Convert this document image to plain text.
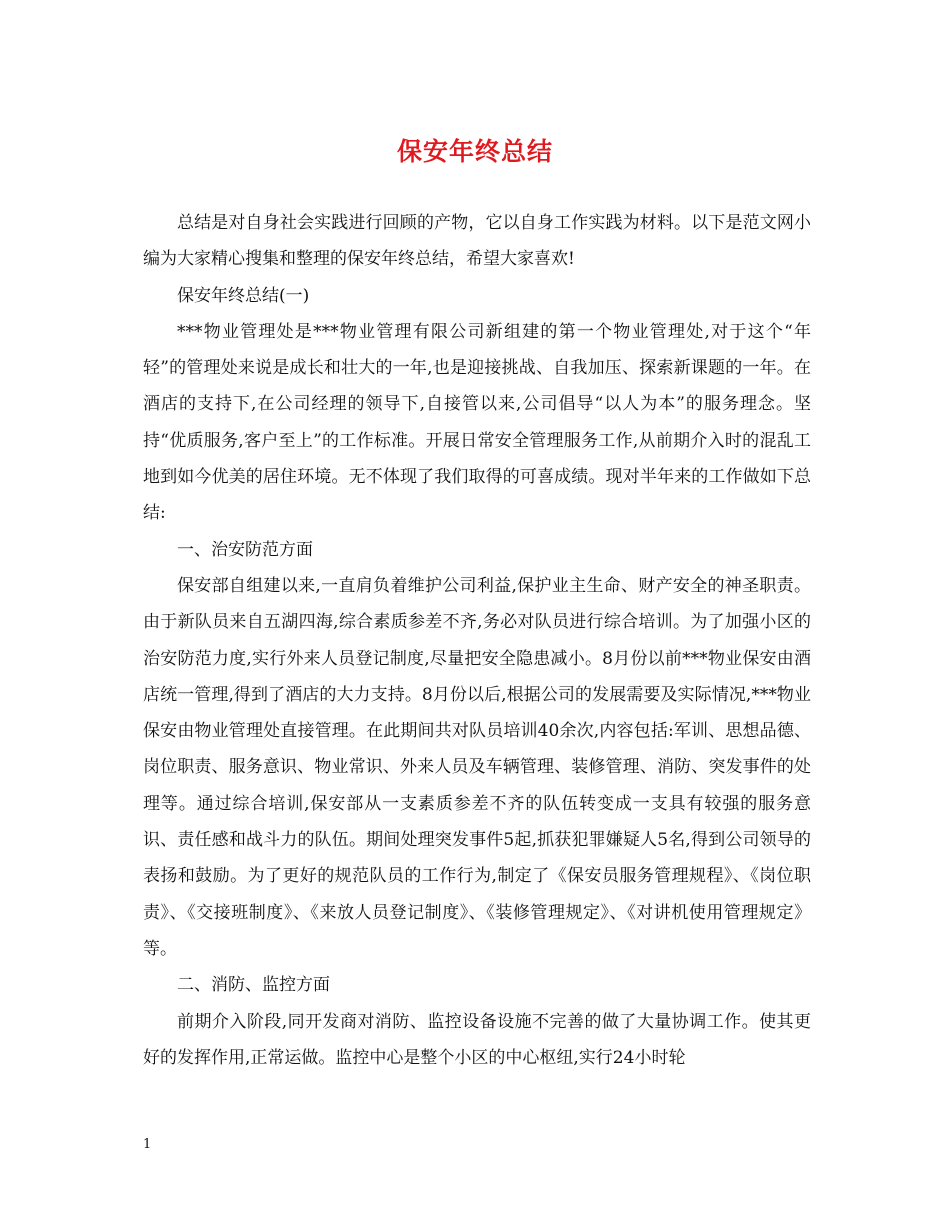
保安年终总结

总结是对自身社会实践进行回顾的产物，它以自身工作实践为材料。以下是范文网小编为大家精心搜集和整理的保安年终总结，希望大家喜欢!

保安年终总结(一)

***物业管理处是***物业管理有限公司新组建的第一个物业管理处,对于这个“年轻”的管理处来说是成长和壮大的一年,也是迎接挑战、自我加压、探索新课题的一年。在酒店的支持下,在公司经理的领导下,自接管以来,公司倡导“以人为本”的服务理念。坚持“优质服务,客户至上”的工作标准。开展日常安全管理服务工作,从前期介入时的混乱工地到如今优美的居住环境。无不体现了我们取得的可喜成绩。现对半年来的工作做如下总结:

一、治安防范方面

保安部自组建以来,一直肩负着维护公司利益,保护业主生命、财产安全的神圣职责。由于新队员来自五湖四海,综合素质参差不齐,务必对队员进行综合培训。为了加强小区的治安防范力度,实行外来人员登记制度,尽量把安全隐患减小。8月份以前***物业保安由酒店统一管理,得到了酒店的大力支持。8月份以后,根据公司的发展需要及实际情况,***物业保安由物业管理处直接管理。在此期间共对队员培训40余次,内容包括:军训、思想品德、岗位职责、服务意识、物业常识、外来人员及车辆管理、装修管理、消防、突发事件的处理等。通过综合培训,保安部从一支素质参差不齐的队伍转变成一支具有较强的服务意识、责任感和战斗力的队伍。期间处理突发事件5起,抓获犯罪嫌疑人5名,得到公司领导的表扬和鼓励。为了更好的规范队员的工作行为,制定了《保安员服务管理规程》、《岗位职责》、《交接班制度》、《来放人员登记制度》、《装修管理规定》、《对讲机使用管理规定》等。

二、消防、监控方面

前期介入阶段,同开发商对消防、监控设备设施不完善的做了大量协调工作。使其更好的发挥作用,正常运做。监控中心是整个小区的中心枢纽,实行24小时轮

1
